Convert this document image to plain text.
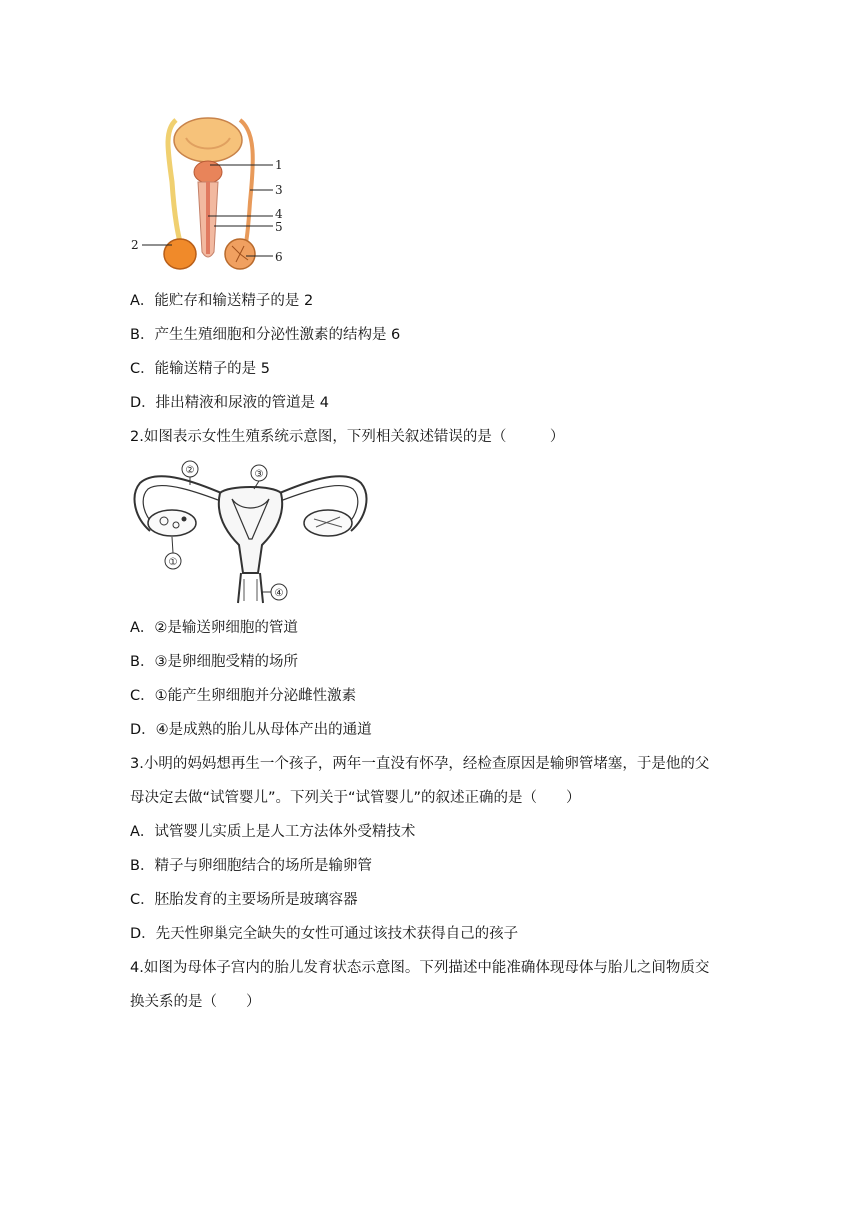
1
2
3
4
5
6
A．能贮存和输送精子的是 2
B．产生生殖细胞和分泌性激素的结构是 6
C．能输送精子的是 5
D．排出精液和尿液的管道是 4
2.如图表示女性生殖系统示意图，下列相关叙述错误的是（　　　）
②	③
①
④
A．②是输送卵细胞的管道
B．③是卵细胞受精的场所
C．①能产生卵细胞并分泌雌性激素
D．④是成熟的胎儿从母体产出的通道
3.小明的妈妈想再生一个孩子，两年一直没有怀孕，经检查原因是输卵管堵塞，于是他的父
母决定去做“试管婴儿”。下列关于“试管婴儿”的叙述正确的是（　　）
A．试管婴儿实质上是人工方法体外受精技术
B．精子与卵细胞结合的场所是输卵管
C．胚胎发育的主要场所是玻璃容器
D．先天性卵巢完全缺失的女性可通过该技术获得自己的孩子
4.如图为母体子宫内的胎儿发育状态示意图。下列描述中能准确体现母体与胎儿之间物质交
换关系的是（　　）
